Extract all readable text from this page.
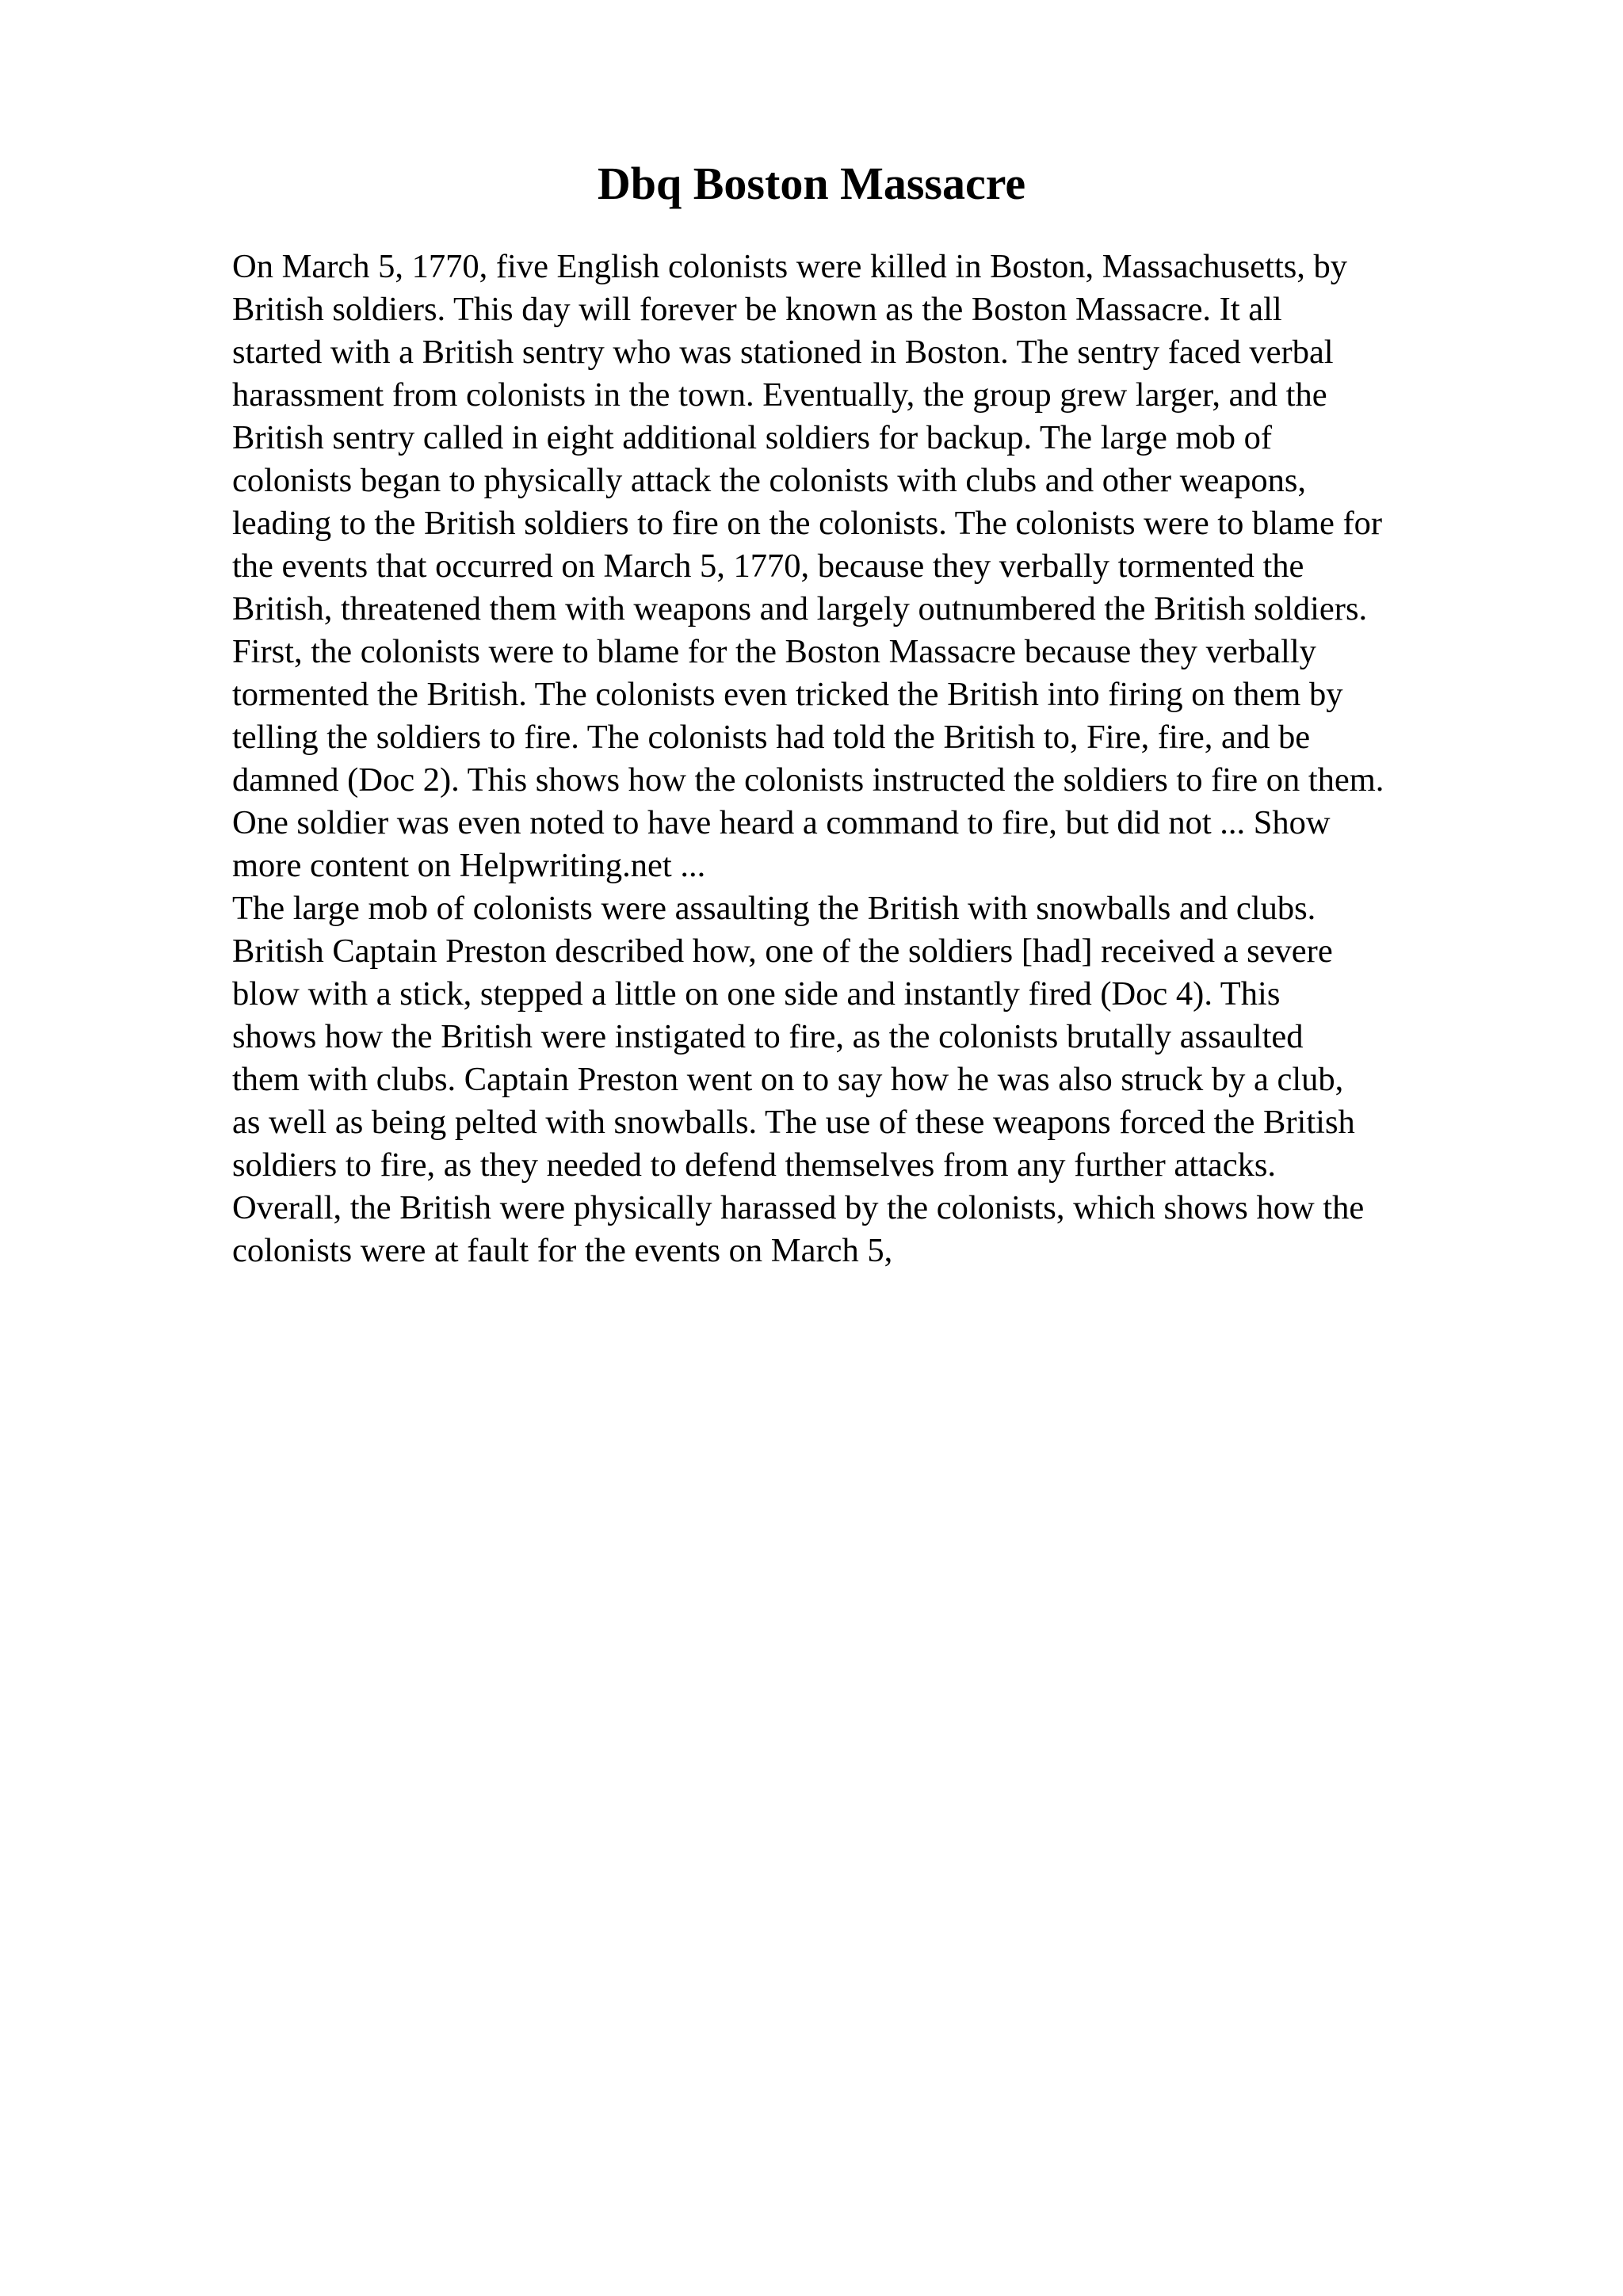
Dbq Boston Massacre
On March 5, 1770, five English colonists were killed in Boston, Massachusetts, by
British soldiers. This day will forever be known as the Boston Massacre. It all
started with a British sentry who was stationed in Boston. The sentry faced verbal
harassment from colonists in the town. Eventually, the group grew larger, and the
British sentry called in eight additional soldiers for backup. The large mob of
colonists began to physically attack the colonists with clubs and other weapons,
leading to the British soldiers to fire on the colonists. The colonists were to blame for
the events that occurred on March 5, 1770, because they verbally tormented the
British, threatened them with weapons and largely outnumbered the British soldiers.
First, the colonists were to blame for the Boston Massacre because they verbally
tormented the British. The colonists even tricked the British into firing on them by
telling the soldiers to fire. The colonists had told the British to, Fire, fire, and be
damned (Doc 2). This shows how the colonists instructed the soldiers to fire on them.
One soldier was even noted to have heard a command to fire, but did not ... Show
more content on Helpwriting.net ...
The large mob of colonists were assaulting the British with snowballs and clubs.
British Captain Preston described how, one of the soldiers [had] received a severe
blow with a stick, stepped a little on one side and instantly fired (Doc 4). This
shows how the British were instigated to fire, as the colonists brutally assaulted
them with clubs. Captain Preston went on to say how he was also struck by a club,
as well as being pelted with snowballs. The use of these weapons forced the British
soldiers to fire, as they needed to defend themselves from any further attacks.
Overall, the British were physically harassed by the colonists, which shows how the
colonists were at fault for the events on March 5,
